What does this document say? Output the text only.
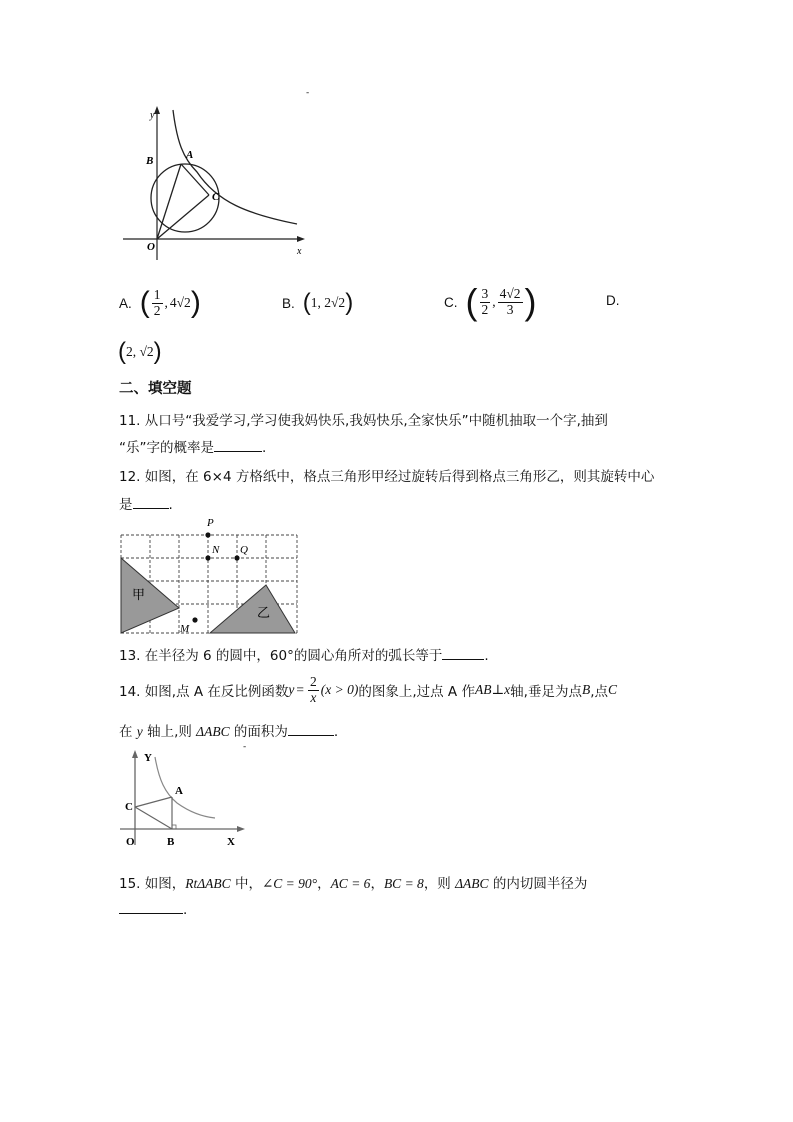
y
x
O
A
B
C
-
A. ( $\frac{1}{2}$ , 4√2 )	B. ( 1, 2√2 )	C. ( $\frac{3}{2}$ , $\frac{4√2}{3}$ )	D.
( 2, √2 )
二、填空题
11. 从口号“我爱学习,学习使我妈快乐,我妈快乐,全家快乐”中随机抽取一个字,抽到
“乐”字的概率是	.
12. 如图，在 6×4 方格纸中，格点三角形甲经过旋转后得到格点三角形乙，则其旋转中心
是	.
P
N Q
M
甲
乙
13. 在半径为 6 的圆中，60°的圆心角所对的弧长等于	.
14. 如图,点 A 在反比例函数 $y = \frac{2}{x} (x > 0)$ 的图象上,过点 A 作 AB ⊥ x 轴,垂足为点 B ,点 C
在 y 轴上,则 ΔABC 的面积为	.
Y
X
O
A
B
C
-
15. 如图，RtΔABC 中，∠C = 90°，AC = 6，BC = 8，则 ΔABC 的内切圆半径为
.
